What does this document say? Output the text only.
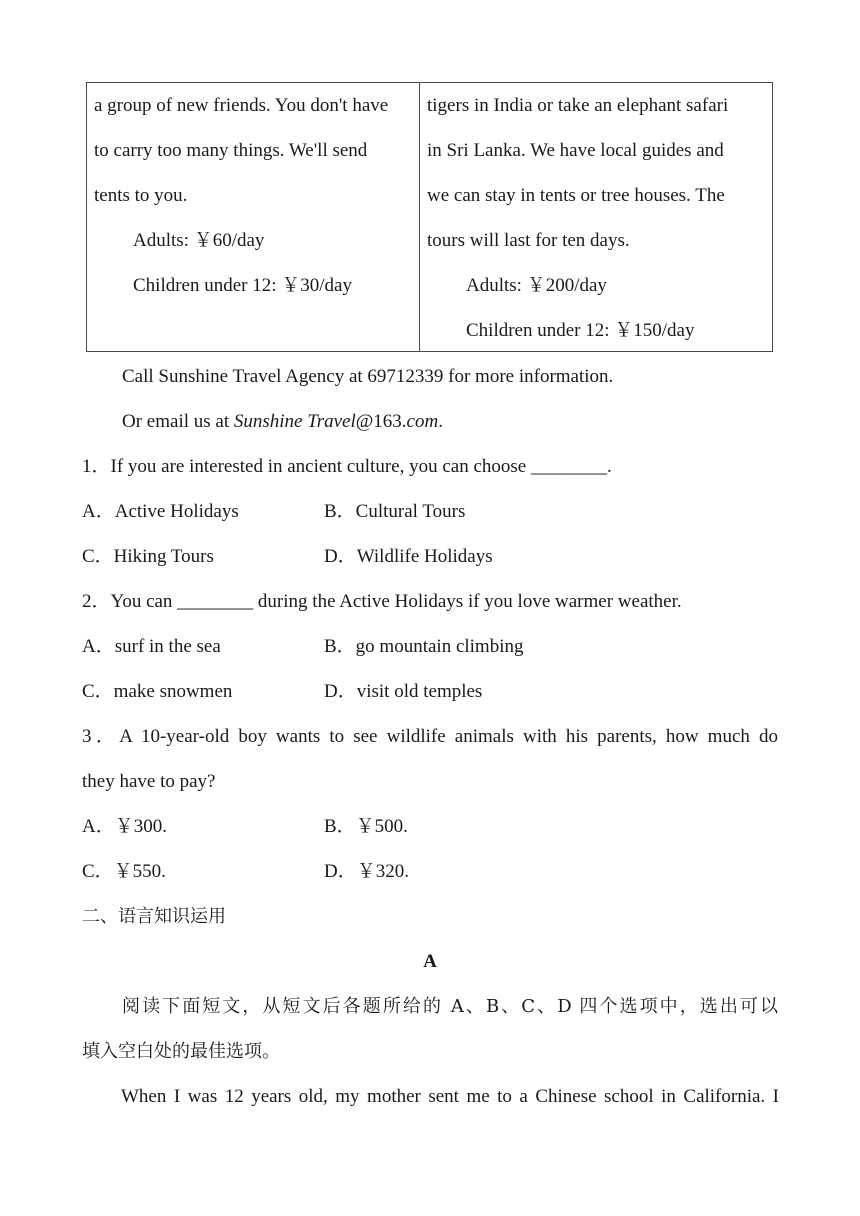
a group of new friends. You don't have
to carry too many things. We'll send
tents to you.
Adults: ￥60/day
Children under 12: ￥30/day
tigers in India or take an elephant safari
in Sri Lanka. We have local guides and
we can stay in tents or tree houses. The
tours will last for ten days.
Adults: ￥200/day
Children under 12: ￥150/day
Call Sunshine Travel Agency at 69712339 for more information.
Or email us at Sunshine Travel@163.com.
1．If you are interested in ancient culture, you can choose ________.
A．Active Holidays	B．Cultural Tours
C．Hiking Tours	D．Wildlife Holidays
2．You can ________ during the Active Holidays if you love warmer weather.
A．surf in the sea	B．go mountain climbing
C．make snowmen	D．visit old temples
3．A 10-year-old boy wants to see wildlife animals with his parents, how much do
they have to pay?
A．￥300.	B．￥500.
C．￥550.	D．￥320.
二、语言知识运用
A
阅读下面短文，从短文后各题所给的 A、B、C、D 四个选项中，选出可以
填入空白处的最佳选项。
When I was 12 years old, my mother sent me to a Chinese school in California. I
